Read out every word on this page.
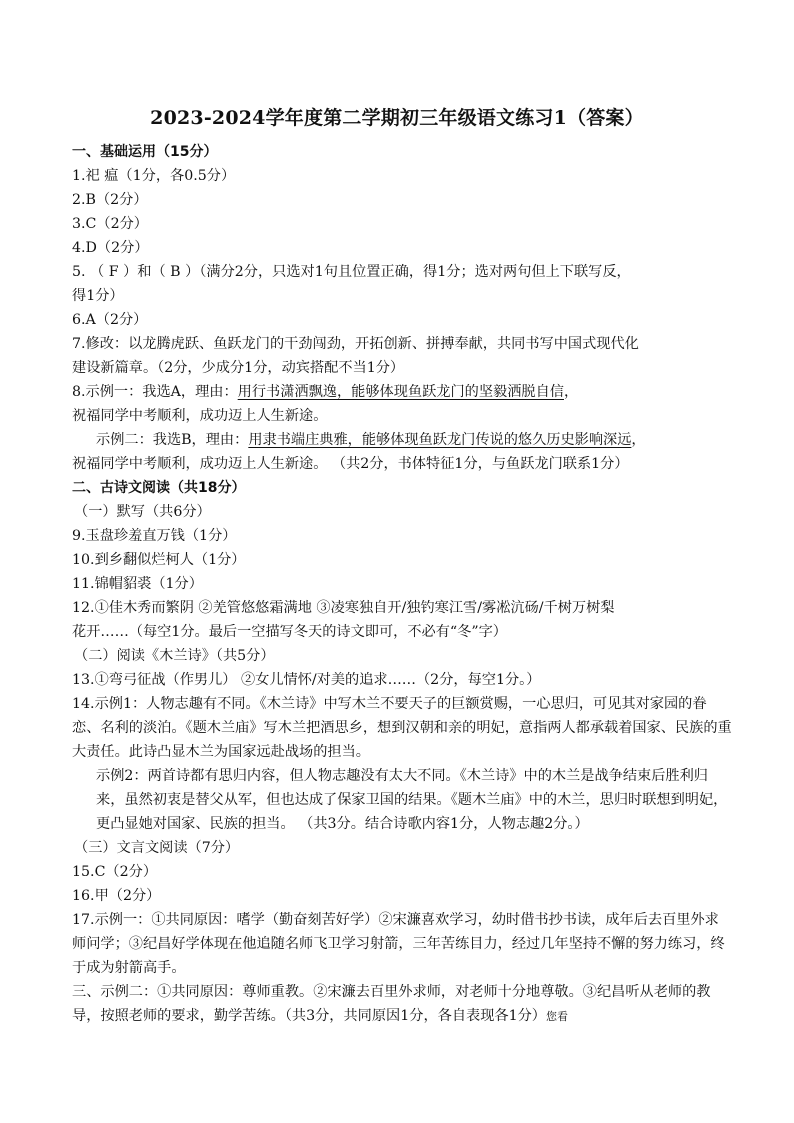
2023-2024学年度第二学期初三年级语文练习1（答案）
一、基础运用（15分）
1.祀 瘟（1分，各0.5分）
2.B（2分）
3.C（2分）
4.D（2分）
5. （ F ）和（ B ）（满分2分，只选对1句且位置正确，得1分；选对两句但上下联写反，
得1分）
6.A（2分）
7.修改：以龙腾虎跃、鱼跃龙门的干劲闯劲，开拓创新、拼搏奉献，共同书写中国式现代化
建设新篇章。（2分，少成分1分，动宾搭配不当1分）
8.示例一：我选A，理由：用行书潇洒飘逸，能够体现鱼跃龙门的坚毅洒脱自信，
祝福同学中考顺利，成功迈上人生新途。
示例二：我选B，理由：用隶书端庄典雅，能够体现鱼跃龙门传说的悠久历史影响深远，
祝福同学中考顺利，成功迈上人生新途。 （共2分，书体特征1分，与鱼跃龙门联系1分）
二、古诗文阅读（共18分）
（一）默写（共6分）
9.玉盘珍羞直万钱（1分）
10.到乡翻似烂柯人（1分）
11.锦帽貂裘（1分）
12.①佳木秀而繁阴 ②羌管悠悠霜满地 ③凌寒独自开/独钓寒江雪/雾凇沆砀/千树万树梨
花开……（每空1分。最后一空描写冬天的诗文即可，不必有“冬”字）
（二）阅读《木兰诗》（共5分）
13.①弯弓征战（作男儿） ②女儿情怀/对美的追求……（2分，每空1分。）
14.示例1：人物志趣有不同。《木兰诗》中写木兰不要天子的巨额赏赐，一心思归，可见其对家园的眷恋、名利的淡泊。《题木兰庙》写木兰把酒思乡，想到汉朝和亲的明妃，意指两人都承载着国家、民族的重大责任。此诗凸显木兰为国家远赴战场的担当。
示例2：两首诗都有思归内容，但人物志趣没有太大不同。《木兰诗》中的木兰是战争结束后胜利归来，虽然初衷是替父从军，但也达成了保家卫国的结果。《题木兰庙》中的木兰，思归时联想到明妃，更凸显她对国家、民族的担当。 （共3分。结合诗歌内容1分，人物志趣2分。）
（三）文言文阅读（7分）
15.C（2分）
16.甲（2分）
17.示例一：①共同原因：嗜学（勤奋刻苦好学）②宋濂喜欢学习，幼时借书抄书读，成年后去百里外求师问学；③纪昌好学体现在他追随名师飞卫学习射箭，三年苦练目力，经过几年坚持不懈的努力练习，终于成为射箭高手。
三、示例二：①共同原因：尊师重教。②宋濂去百里外求师，对老师十分地尊敬。③纪昌听从老师的教导，按照老师的要求，勤学苦练。（共3分，共同原因1分，各自表现各1分）您看
